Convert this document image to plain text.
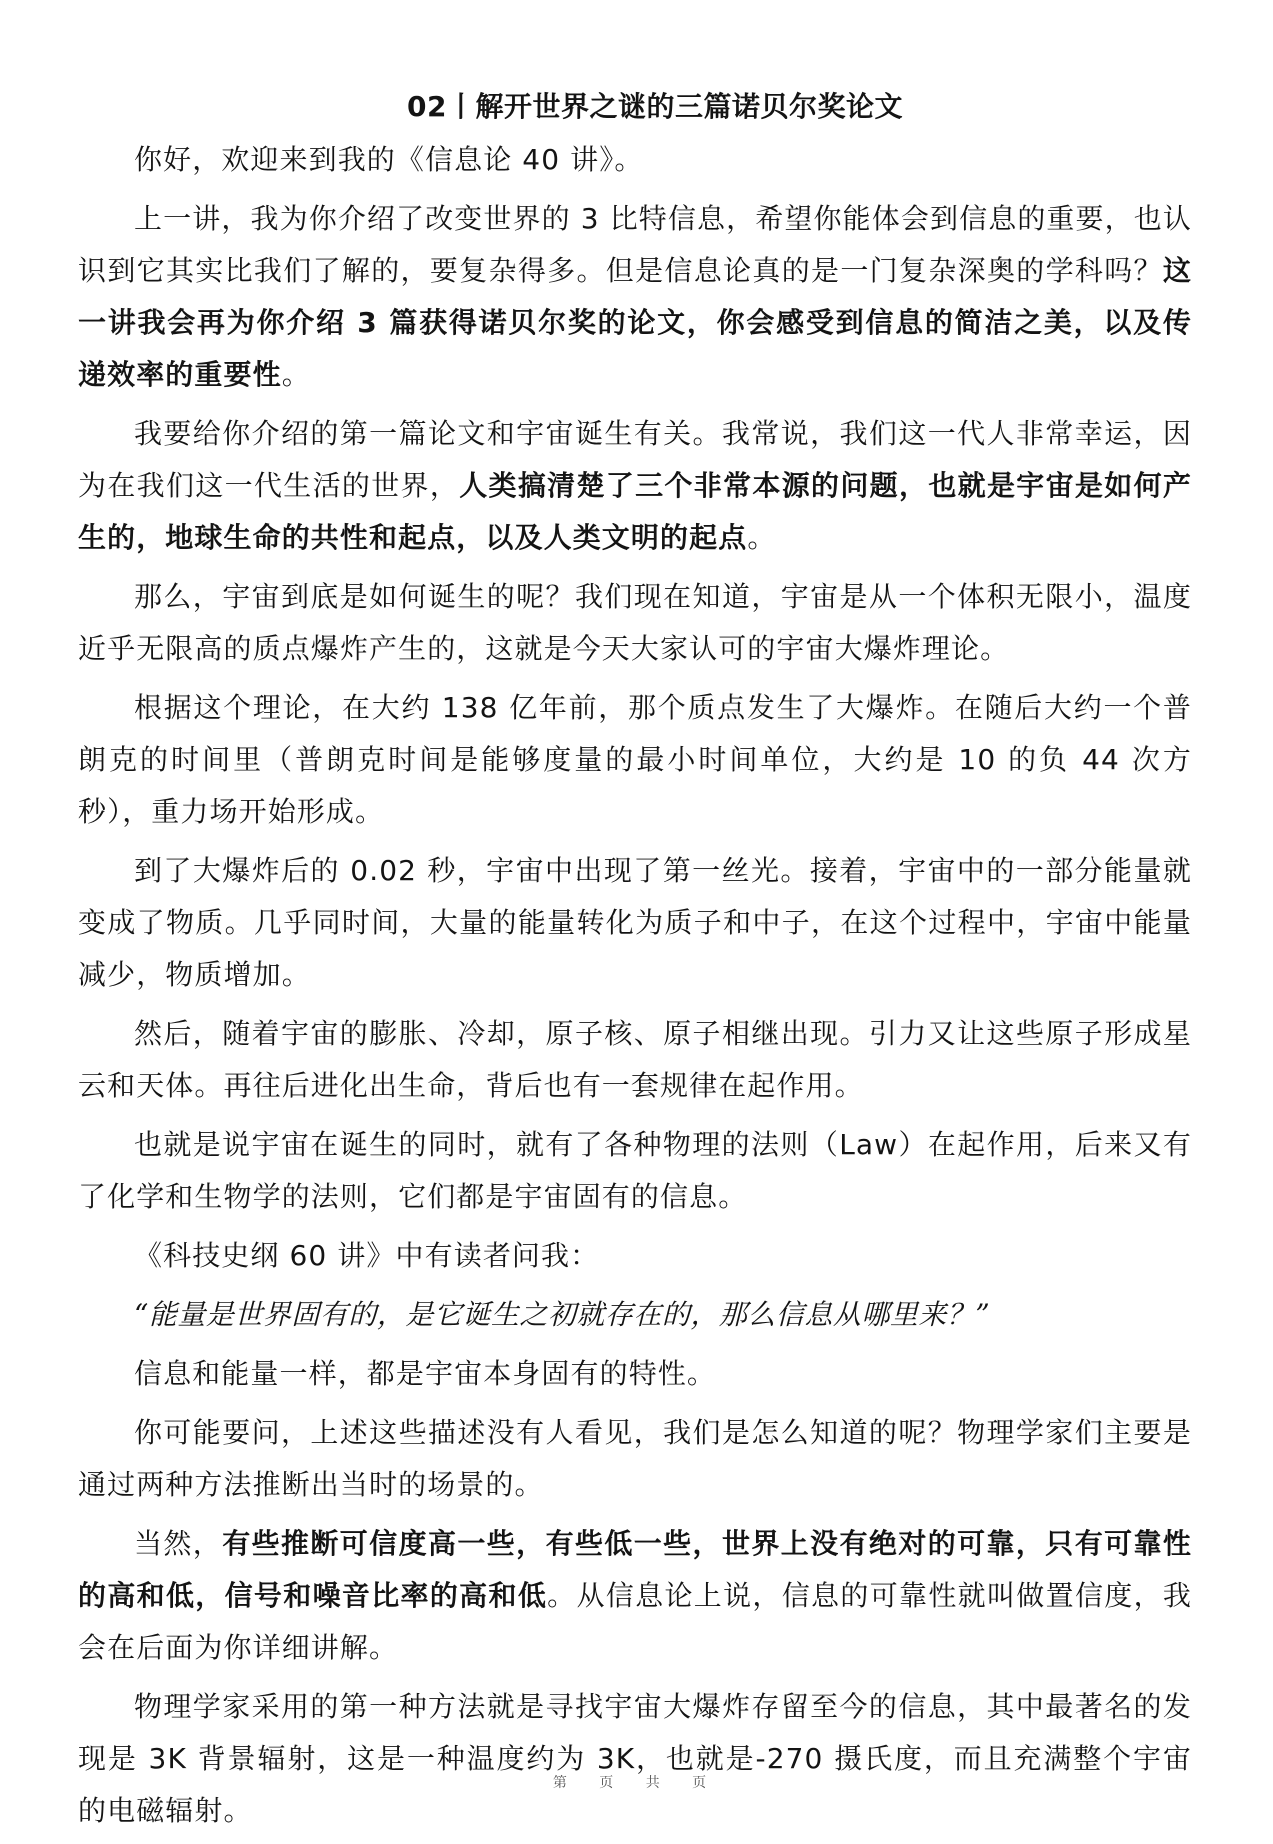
02丨解开世界之谜的三篇诺贝尔奖论文

你好，欢迎来到我的《信息论 40 讲》。

上一讲，我为你介绍了改变世界的 3 比特信息，希望你能体会到信息的重要，也认识到它其实比我们了解的，要复杂得多。但是信息论真的是一门复杂深奥的学科吗？这一讲我会再为你介绍 3 篇获得诺贝尔奖的论文，你会感受到信息的简洁之美，以及传递效率的重要性。

我要给你介绍的第一篇论文和宇宙诞生有关。我常说，我们这一代人非常幸运，因为在我们这一代生活的世界，人类搞清楚了三个非常本源的问题，也就是宇宙是如何产生的，地球生命的共性和起点，以及人类文明的起点。

那么，宇宙到底是如何诞生的呢？我们现在知道，宇宙是从一个体积无限小，温度近乎无限高的质点爆炸产生的，这就是今天大家认可的宇宙大爆炸理论。

根据这个理论，在大约 138 亿年前，那个质点发生了大爆炸。在随后大约一个普朗克的时间里（普朗克时间是能够度量的最小时间单位，大约是 10 的负 44 次方秒），重力场开始形成。

到了大爆炸后的 0.02 秒，宇宙中出现了第一丝光。接着，宇宙中的一部分能量就变成了物质。几乎同时间，大量的能量转化为质子和中子，在这个过程中，宇宙中能量减少，物质增加。

然后，随着宇宙的膨胀、冷却，原子核、原子相继出现。引力又让这些原子形成星云和天体。再往后进化出生命，背后也有一套规律在起作用。

也就是说宇宙在诞生的同时，就有了各种物理的法则（Law）在起作用，后来又有了化学和生物学的法则，它们都是宇宙固有的信息。

《科技史纲 60 讲》中有读者问我：

“能量是世界固有的，是它诞生之初就存在的，那么信息从哪里来？”

信息和能量一样，都是宇宙本身固有的特性。

你可能要问，上述这些描述没有人看见，我们是怎么知道的呢？物理学家们主要是通过两种方法推断出当时的场景的。

当然，有些推断可信度高一些，有些低一些，世界上没有绝对的可靠，只有可靠性的高和低，信号和噪音比率的高和低。从信息论上说，信息的可靠性就叫做置信度，我会在后面为你详细讲解。

物理学家采用的第一种方法就是寻找宇宙大爆炸存留至今的信息，其中最著名的发现是 3K 背景辐射，这是一种温度约为 3K，也就是-270 摄氏度，而且充满整个宇宙的电磁辐射。

第 页 共 页
